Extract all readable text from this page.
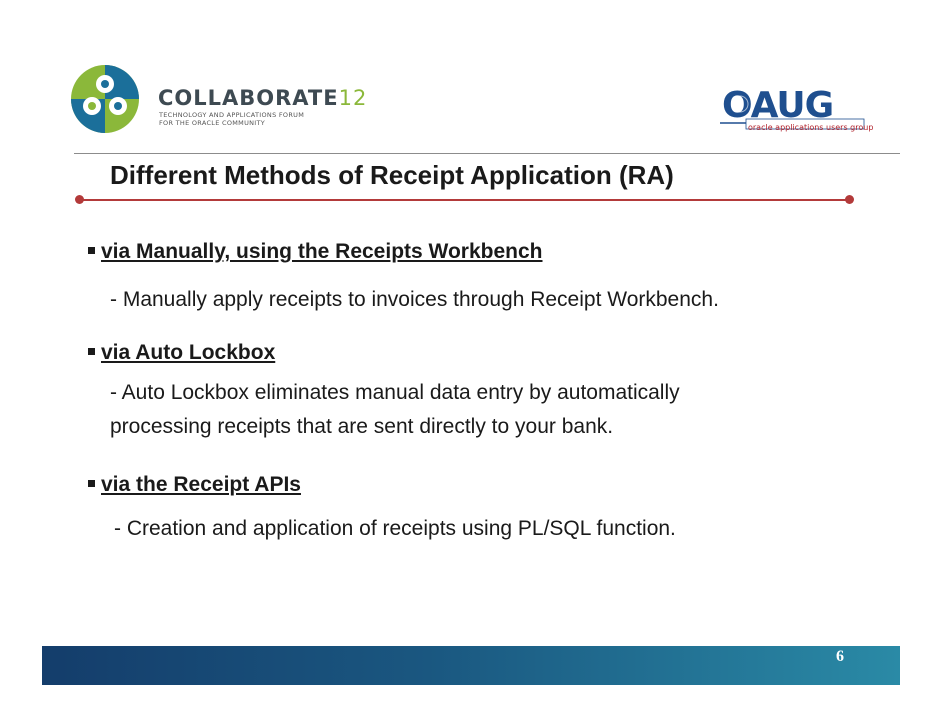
COLLABORATE12
TECHNOLOGY AND APPLICATIONS FORUM
FOR THE ORACLE COMMUNITY	OAUG
oracle applications users group
Different Methods of Receipt Application (RA)
via Manually, using the Receipts Workbench
- Manually apply receipts to invoices through Receipt Workbench.
via Auto Lockbox
- Auto Lockbox eliminates manual data entry by automatically
processing receipts that are sent directly to your bank.
via the Receipt APIs
- Creation and application of receipts using PL/SQL function.
6
